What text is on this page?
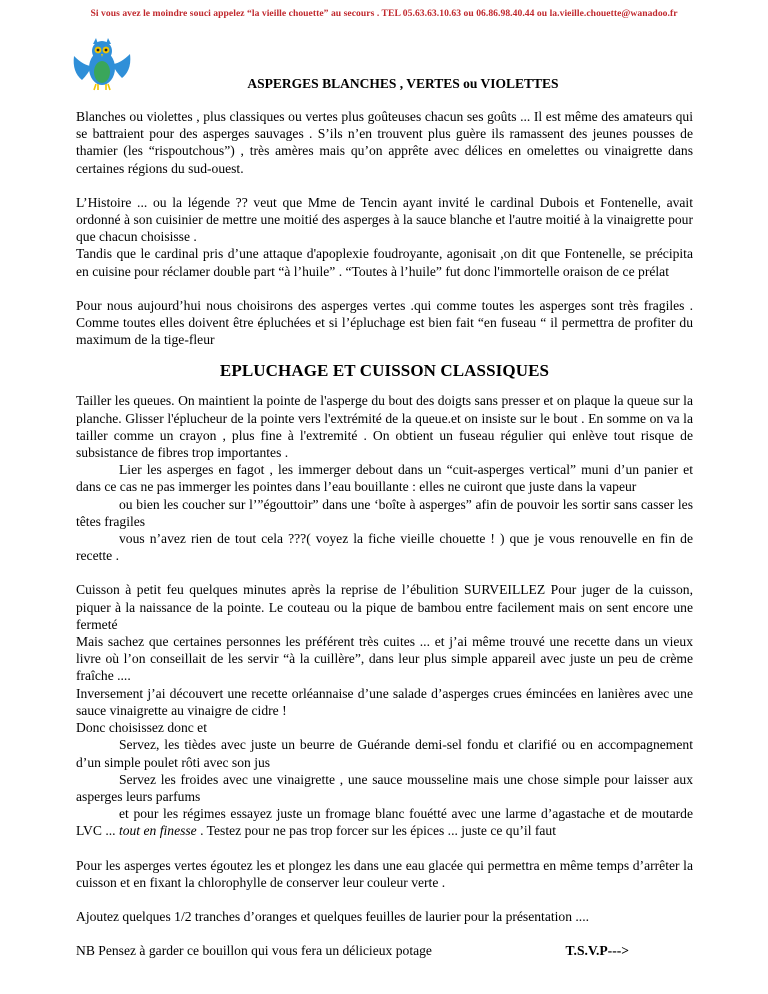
Si vous avez le moindre souci appelez “la vieille chouette” au secours . TEL 05.63.63.10.63 ou 06.86.98.40.44 ou la.vieille.chouette@wanadoo.fr
ASPERGES BLANCHES , VERTES ou VIOLETTES

Blanches ou violettes , plus classiques ou vertes plus goûteuses chacun ses goûts ... Il est même des amateurs qui se battraient pour des asperges sauvages . S’ils n’en trouvent plus guère ils ramassent des jeunes pousses de thamier (les “rispoutchous”) , très amères mais qu’on apprête avec délices en omelettes ou vinaigrette dans certaines régions du sud-ouest.

L’Histoire ... ou la légende ?? veut que Mme de Tencin ayant invité le cardinal Dubois et Fontenelle, avait ordonné à son cuisinier de mettre une moitié des asperges à la sauce blanche et l'autre moitié à la vinaigrette pour que chacun choisisse .

Tandis que le cardinal pris d’une attaque d'apoplexie foudroyante, agonisait ,on dit que Fontenelle, se précipita en cuisine pour réclamer double part “à l’huile” . “Toutes à l’huile” fut donc l'immortelle oraison de ce prélat

Pour nous aujourd’hui nous choisirons des asperges vertes .qui comme toutes les asperges sont très fragiles . Comme toutes elles doivent être épluchées et si l’épluchage est bien fait “en fuseau “ il permettra de profiter du maximum de la tige-fleur

EPLUCHAGE ET CUISSON CLASSIQUES

Tailler les queues. On maintient la pointe de l'asperge du bout des doigts sans presser et on plaque la queue sur la planche. Glisser l'éplucheur de la pointe vers l'extrémité de la queue.et on insiste sur le bout . En somme on va la tailler comme un crayon , plus fine à l'extremité . On obtient un fuseau régulier qui enlève tout risque de subsistance de fibres trop importantes .

Lier les asperges en fagot , les immerger debout dans un “cuit-asperges vertical” muni d’un panier et dans ce cas ne pas immerger les pointes dans l’eau bouillante : elles ne cuiront que juste dans la vapeur

ou bien les coucher sur l’”égouttoir” dans une ‘boîte à asperges” afin de pouvoir les sortir sans casser les têtes fragiles

vous n’avez rien de tout cela ???( voyez la fiche vieille chouette ! ) que je vous renouvelle en fin de recette .

Cuisson à petit feu quelques minutes après la reprise de l’ébulition SURVEILLEZ Pour juger de la cuisson, piquer à la naissance de la pointe. Le couteau ou la pique de bambou entre facilement mais on sent encore une fermeté

Mais sachez que certaines personnes les préférent très cuites ... et j’ai même trouvé une recette dans un vieux livre où l’on conseillait de les servir “à la cuillère”, dans leur plus simple appareil avec juste un peu de crème fraîche ....

Inversement j’ai découvert une recette orléannaise d’une salade d’asperges crues émincées en lanières avec une sauce vinaigrette au vinaigre de cidre !

Donc choisissez donc et

Servez, les tièdes avec juste un beurre de Guérande demi-sel fondu et clarifié ou en accompagnement d’un simple poulet rôti avec son jus

Servez les froides avec une vinaigrette , une sauce mousseline mais une chose simple pour laisser aux asperges leurs parfums

et pour les régimes essayez juste un fromage blanc fouétté avec une larme d’agastache et de moutarde LVC ... tout en finesse . Testez pour ne pas trop forcer sur les épices ... juste ce qu’il faut

Pour les asperges vertes égoutez les et plongez les dans une eau glacée qui permettra en même temps d’arrêter la cuisson et en fixant la chlorophylle de conserver leur couleur verte .

Ajoutez quelques 1/2 tranches d’oranges et quelques feuilles de laurier pour la présentation ....

NB Pensez à garder ce bouillon qui vous fera un délicieux potage	T.S.V.P--->
